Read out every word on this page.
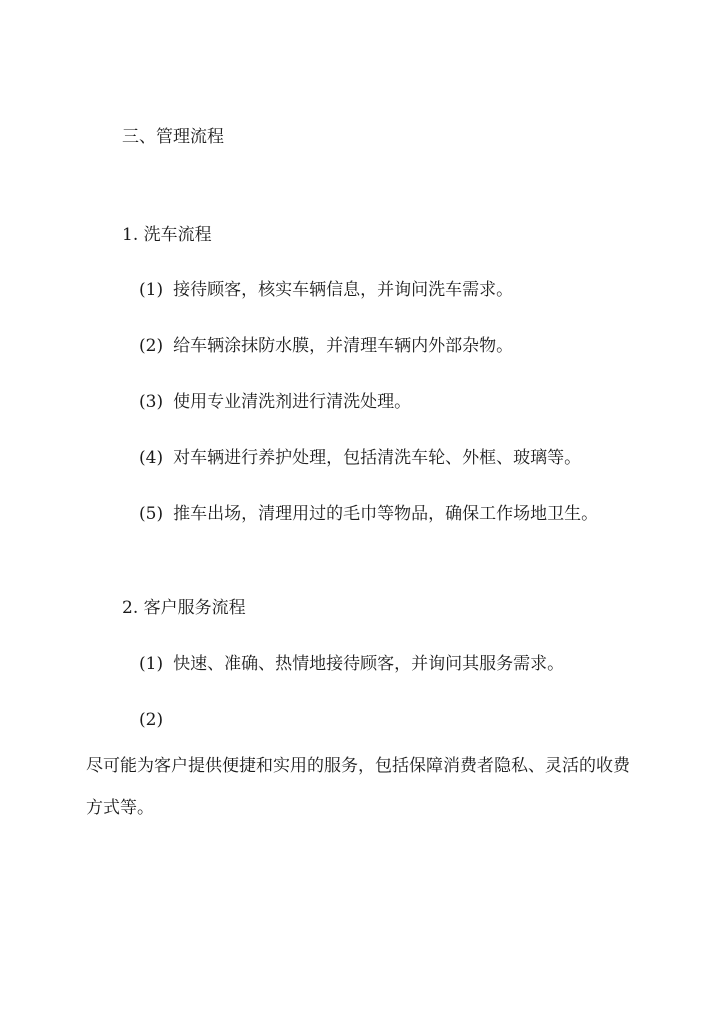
三、管理流程
1. 洗车流程
(1) 接待顾客，核实车辆信息，并询问洗车需求。
(2) 给车辆涂抹防水膜，并清理车辆内外部杂物。
(3) 使用专业清洗剂进行清洗处理。
(4) 对车辆进行养护处理，包括清洗车轮、外框、玻璃等。
(5) 推车出场，清理用过的毛巾等物品，确保工作场地卫生。
2. 客户服务流程
(1) 快速、准确、热情地接待顾客，并询问其服务需求。
(2)
尽可能为客户提供便捷和实用的服务，包括保障消费者隐私、灵活的收费
方式等。
